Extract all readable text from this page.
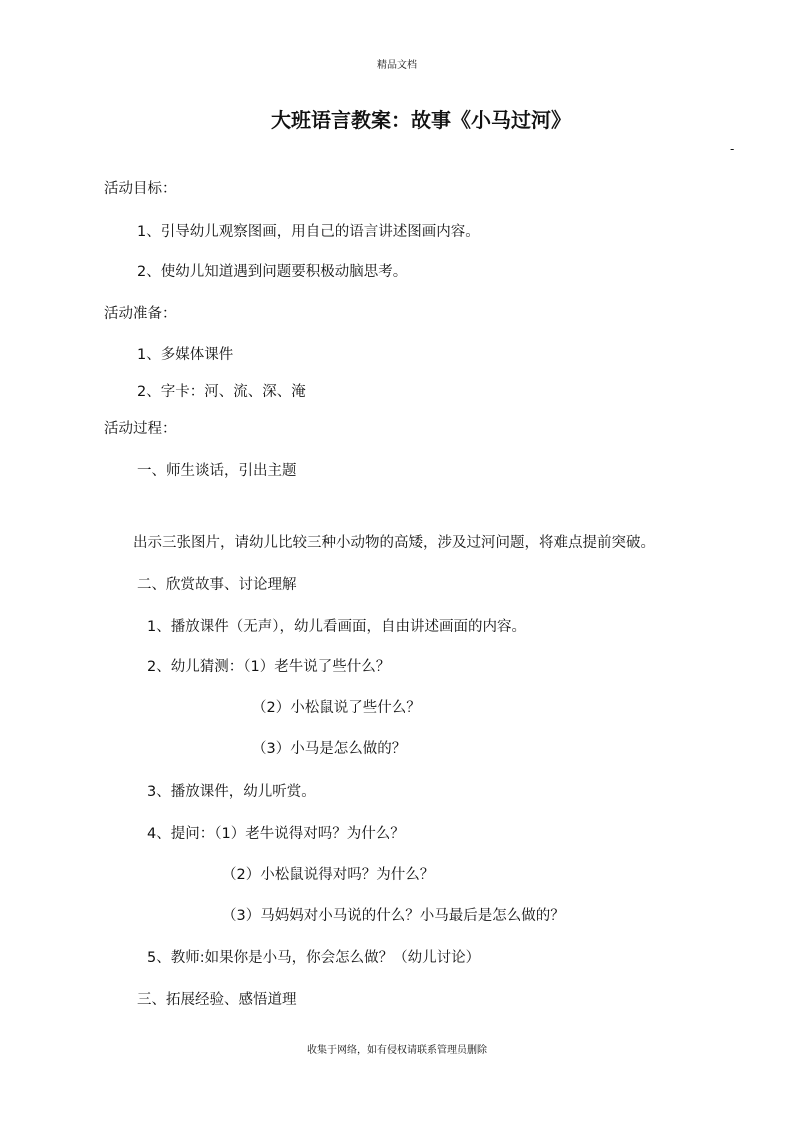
精品文档
大班语言教案：故事《小马过河》
-
活动目标：
1、引导幼儿观察图画，用自己的语言讲述图画内容。
2、使幼儿知道遇到问题要积极动脑思考。
活动准备：
1、多媒体课件
2、字卡：河、流、深、淹
活动过程：
一、师生谈话，引出主题
出示三张图片，请幼儿比较三种小动物的高矮，涉及过河问题，将难点提前突破。
二、欣赏故事、讨论理解
1、播放课件（无声），幼儿看画面，自由讲述画面的内容。
2、幼儿猜测：（1）老牛说了些什么？
（2）小松鼠说了些什么？
（3）小马是怎么做的？
3、播放课件，幼儿听赏。
4、提问：（1）老牛说得对吗？为什么？
（2）小松鼠说得对吗？为什么？
（3）马妈妈对小马说的什么？小马最后是怎么做的？
5、教师:如果你是小马，你会怎么做？（幼儿讨论）
三、拓展经验、感悟道理
收集于网络，如有侵权请联系管理员删除
